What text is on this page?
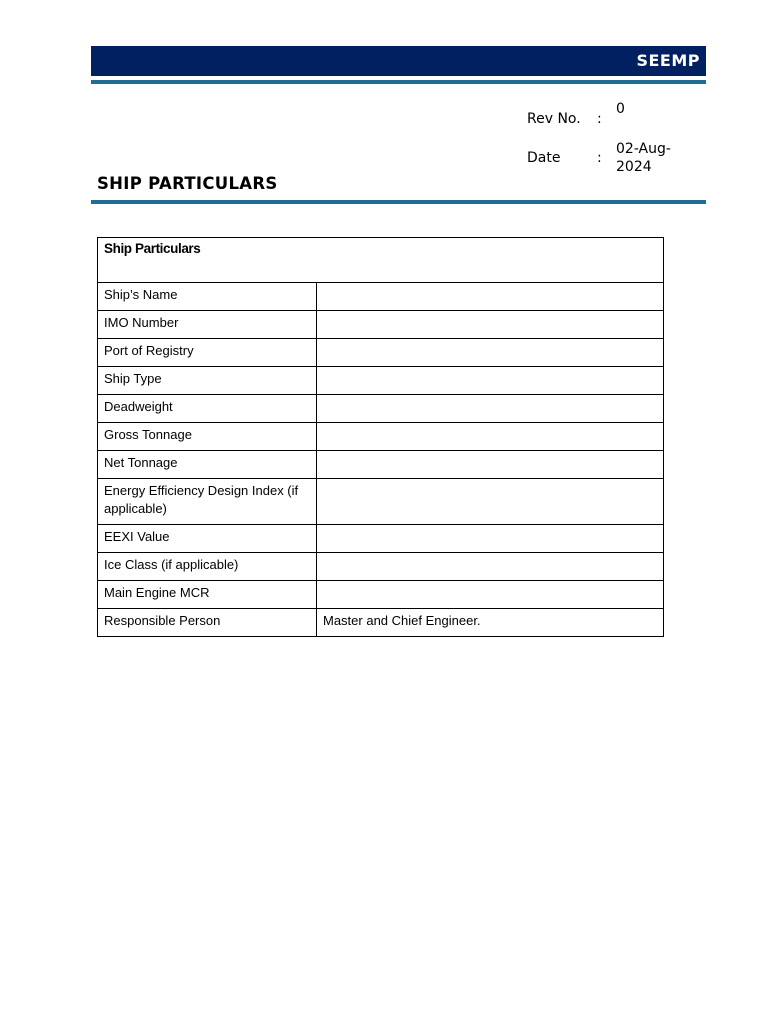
SEEMP
Rev No.	:
0
Date	:
02-Aug-2024
SHIP PARTICULARS
Ship Particulars	
Ship’s Name	
IMO Number	
Port of Registry	
Ship Type	
Deadweight	
Gross Tonnage	
Net Tonnage	
Energy Efficiency Design Index (if applicable)	
EEXI Value	
Ice Class (if applicable)	
Main Engine MCR	
Responsible Person	Master and Chief Engineer.
